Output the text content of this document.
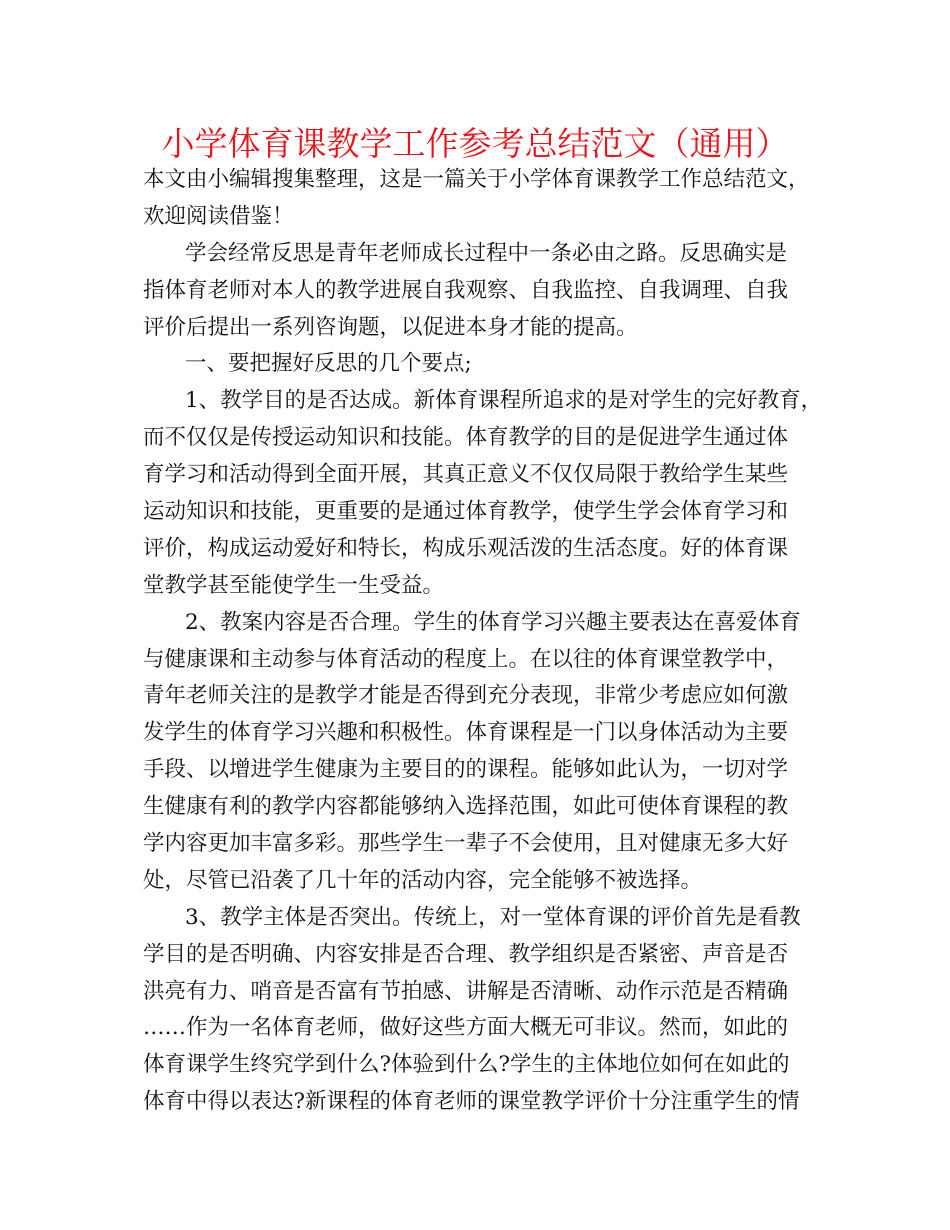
小学体育课教学工作参考总结范文（通用）
本文由小编辑搜集整理，这是一篇关于小学体育课教学工作总结范文，
欢迎阅读借鉴！
学会经常反思是青年老师成长过程中一条必由之路。反思确实是
指体育老师对本人的教学进展自我观察、自我监控、自我调理、自我
评价后提出一系列咨询题，以促进本身才能的提高。
一、要把握好反思的几个要点;
1、教学目的是否达成。新体育课程所追求的是对学生的完好教育，
而不仅仅是传授运动知识和技能。体育教学的目的是促进学生通过体
育学习和活动得到全面开展，其真正意义不仅仅局限于教给学生某些
运动知识和技能，更重要的是通过体育教学，使学生学会体育学习和
评价，构成运动爱好和特长，构成乐观活泼的生活态度。好的体育课
堂教学甚至能使学生一生受益。
2、教案内容是否合理。学生的体育学习兴趣主要表达在喜爱体育
与健康课和主动参与体育活动的程度上。在以往的体育课堂教学中，
青年老师关注的是教学才能是否得到充分表现，非常少考虑应如何激
发学生的体育学习兴趣和积极性。体育课程是一门以身体活动为主要
手段、以增进学生健康为主要目的的课程。能够如此认为，一切对学
生健康有利的教学内容都能够纳入选择范围，如此可使体育课程的教
学内容更加丰富多彩。那些学生一辈子不会使用，且对健康无多大好
处，尽管已沿袭了几十年的活动内容，完全能够不被选择。
3、教学主体是否突出。传统上，对一堂体育课的评价首先是看教
学目的是否明确、内容安排是否合理、教学组织是否紧密、声音是否
洪亮有力、哨音是否富有节拍感、讲解是否清晰、动作示范是否精确
……作为一名体育老师，做好这些方面大概无可非议。然而，如此的
体育课学生终究学到什么?体验到什么?学生的主体地位如何在如此的
体育中得以表达?新课程的体育老师的课堂教学评价十分注重学生的情
